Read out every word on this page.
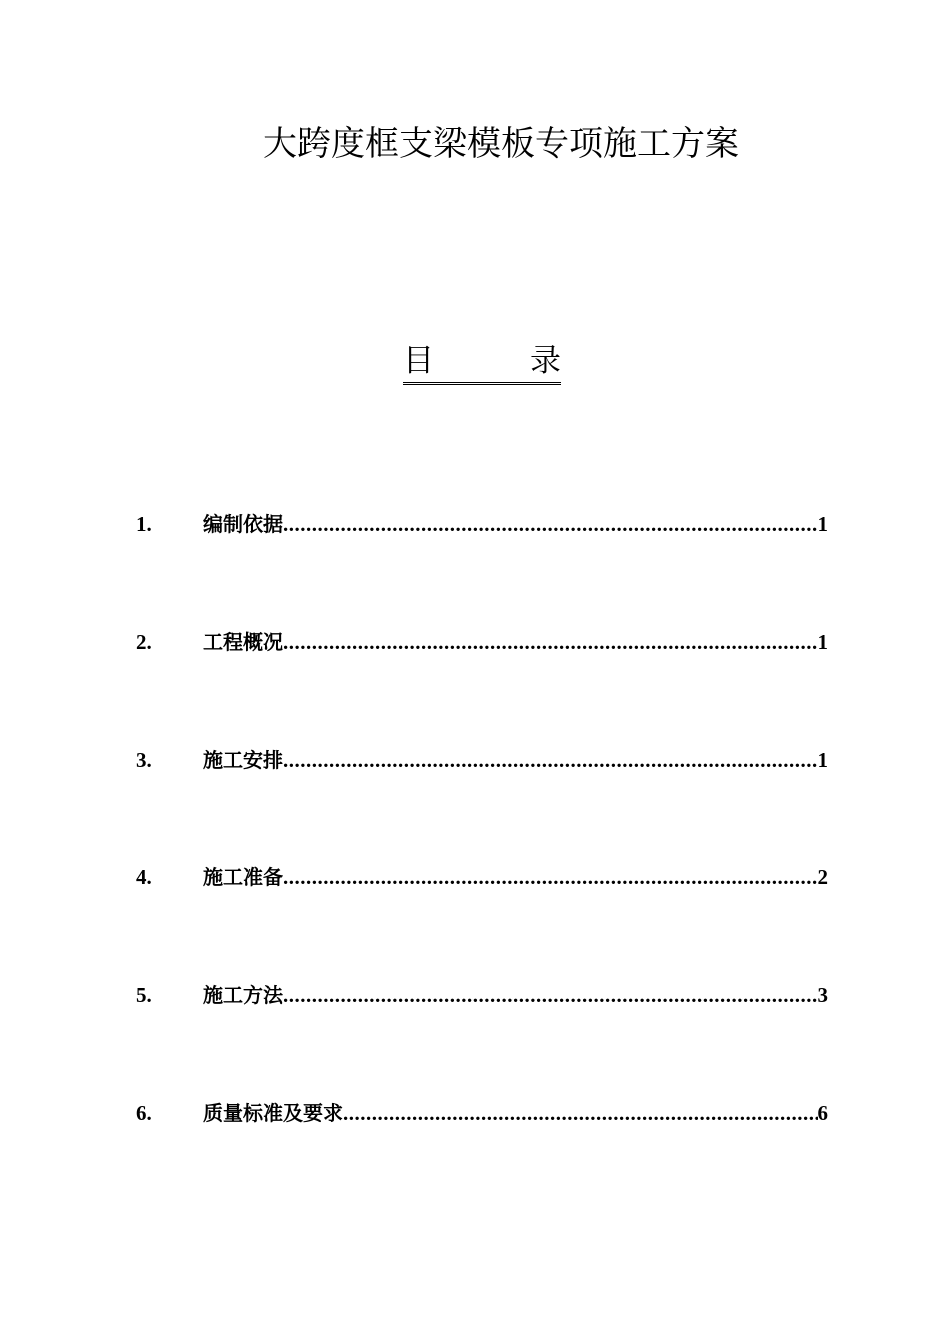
大跨度框支梁模板专项施工方案
目	录
1.	编制依据 .....	1
2.	工程概况 .....	1
3.	施工安排 .....	1
4.	施工准备 .....	2
5.	施工方法 .....	3
6.	质量标准及要求 .....	6
